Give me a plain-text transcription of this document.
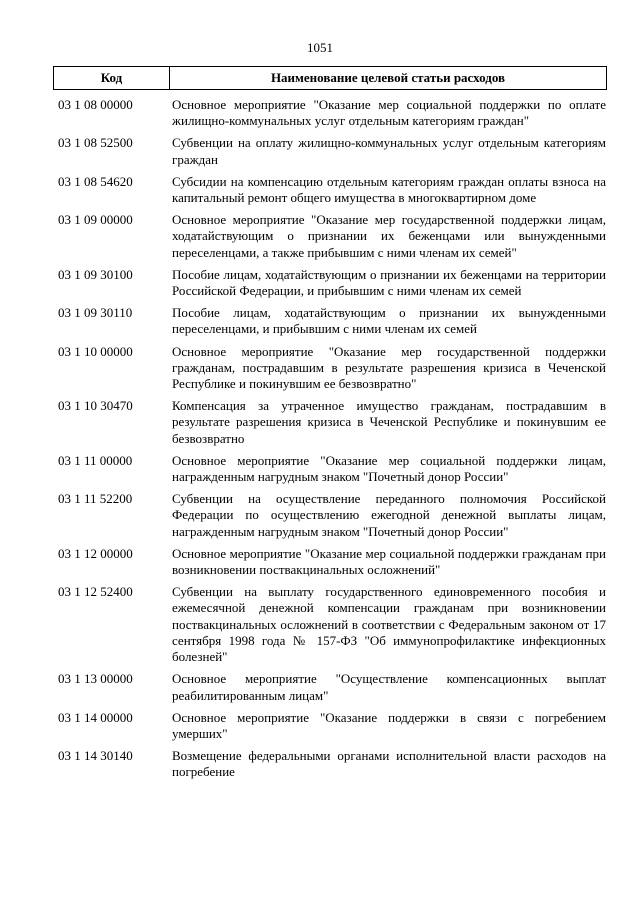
1051
Код	Наименование целевой статьи расходов
03 1 08 00000	Основное мероприятие "Оказание мер социальной поддержки по оплате жилищно-коммунальных услуг отдельным категориям граждан"
03 1 08 52500	Субвенции на оплату жилищно-коммунальных услуг отдельным категориям граждан
03 1 08 54620	Субсидии на компенсацию отдельным категориям граждан оплаты взноса на капитальный ремонт общего имущества в многоквартирном доме
03 1 09 00000	Основное мероприятие "Оказание мер государственной поддержки лицам, ходатайствующим о признании их беженцами или вынужденными переселенцами, а также прибывшим с ними членам их семей"
03 1 09 30100	Пособие лицам, ходатайствующим о признании их беженцами на территории Российской Федерации, и прибывшим с ними членам их семей
03 1 09 30110	Пособие лицам, ходатайствующим о признании их вынужденными переселенцами, и прибывшим с ними членам их семей
03 1 10 00000	Основное мероприятие "Оказание мер государственной поддержки гражданам, пострадавшим в результате разрешения кризиса в Чеченской Республике и покинувшим ее безвозвратно"
03 1 10 30470	Компенсация за утраченное имущество гражданам, пострадавшим в результате разрешения кризиса в Чеченской Республике и покинувшим ее безвозвратно
03 1 11 00000	Основное мероприятие "Оказание мер социальной поддержки лицам, награжденным нагрудным знаком "Почетный донор России"
03 1 11 52200	Субвенции на осуществление переданного полномочия Российской Федерации по осуществлению ежегодной денежной выплаты лицам, награжденным нагрудным знаком "Почетный донор России"
03 1 12 00000	Основное мероприятие "Оказание мер социальной поддержки гражданам при возникновении поствакцинальных осложнений"
03 1 12 52400	Субвенции на выплату государственного единовременного пособия и ежемесячной денежной компенсации гражданам при возникновении поствакцинальных осложнений в соответствии с Федеральным законом от 17 сентября 1998 года № 157-ФЗ "Об иммунопрофилактике инфекционных болезней"
03 1 13 00000	Основное мероприятие "Осуществление компенсационных выплат реабилитированным лицам"
03 1 14 00000	Основное мероприятие "Оказание поддержки в связи с погребением умерших"
03 1 14 30140	Возмещение федеральными органами исполнительной власти расходов на погребение
